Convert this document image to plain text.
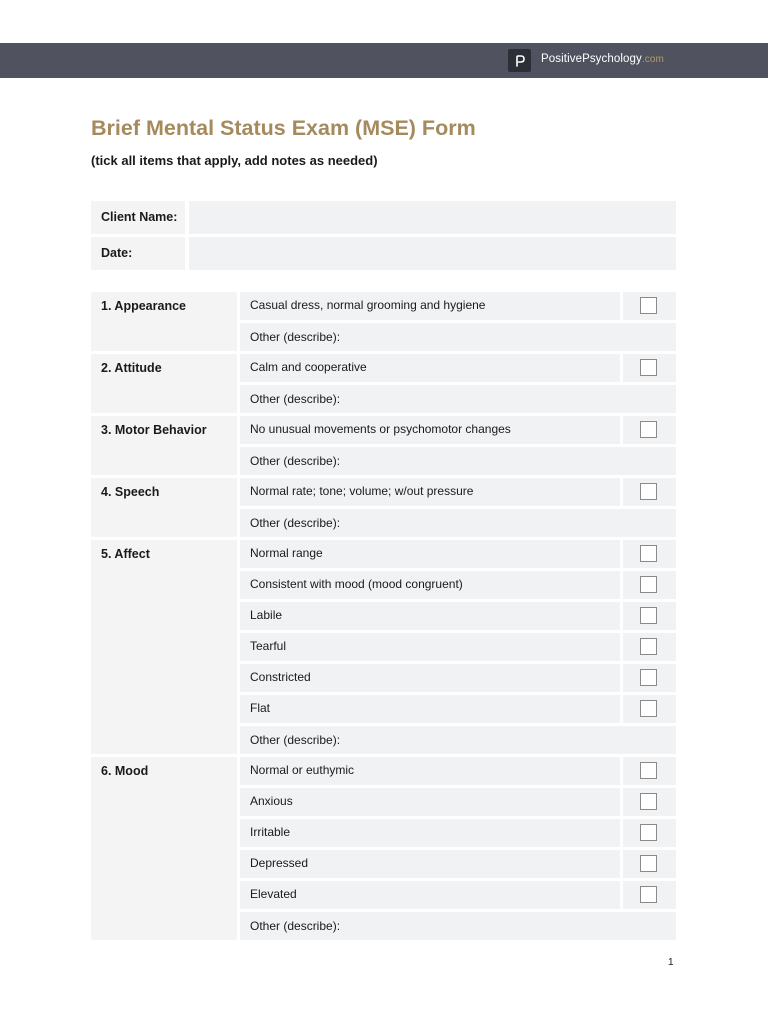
PositivePsychology.com
Brief Mental Status Exam (MSE) Form
(tick all items that apply, add notes as needed)
Client Name:
Date:
1. Appearance	Casual dress, normal grooming and hygiene
Other (describe):
2. Attitude	Calm and cooperative
Other (describe):
3. Motor Behavior	No unusual movements or psychomotor changes
Other (describe):
4. Speech	Normal rate; tone; volume; w/out pressure
Other (describe):
5. Affect	Normal range
Consistent with mood (mood congruent)
Labile
Tearful
Constricted
Flat
Other (describe):
6. Mood	Normal or euthymic
Anxious
Irritable
Depressed
Elevated
Other (describe):
1
